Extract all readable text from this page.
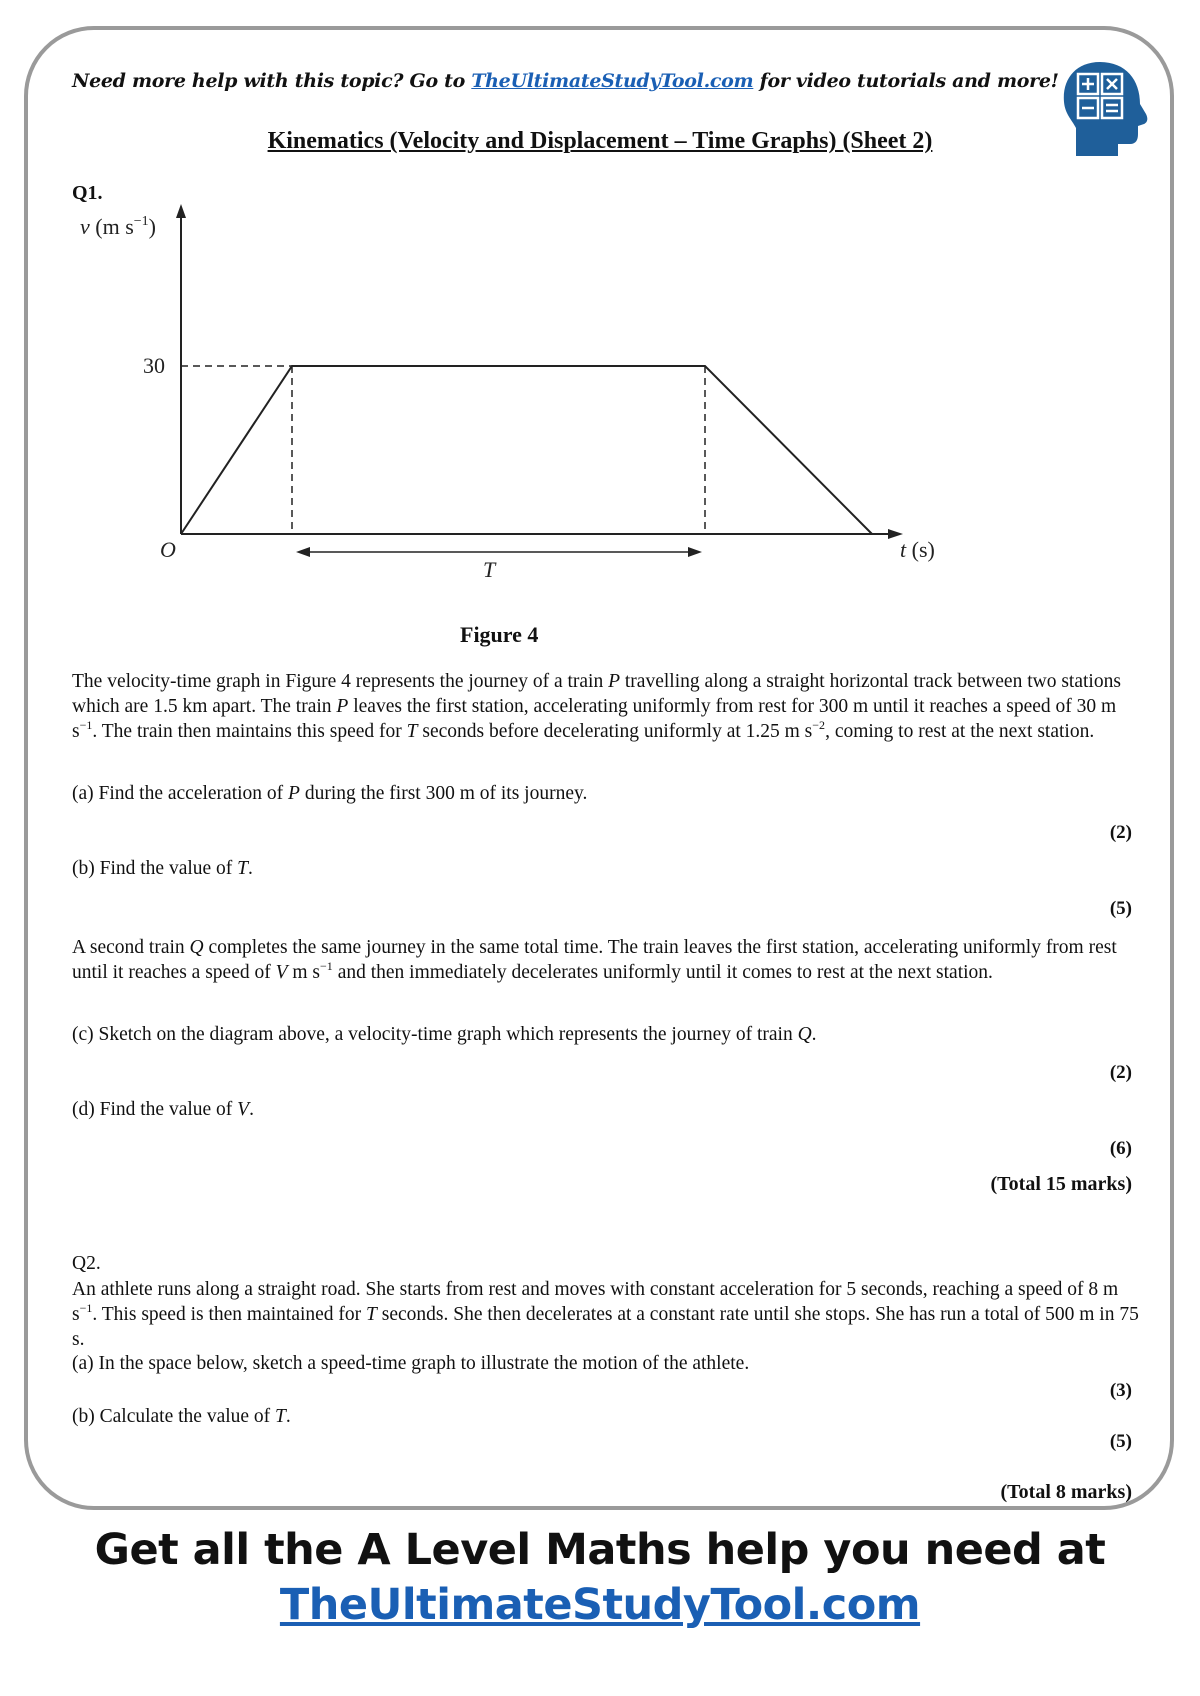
Need more help with this topic? Go to TheUltimateStudyTool.com for video tutorials and more!
Kinematics (Velocity and Displacement – Time Graphs) (Sheet 2)
Q1.
v (m $s^{-1}$)
30
O	t (s)
T
Figure 4

The velocity-time graph in Figure 4 represents the journey of a train P travelling along a straight horizontal track between two stations which are 1.5 km apart. The train P leaves the first station, accelerating uniformly from rest for 300 m until it reaches a speed of 30 m $s^{-1}$. The train then maintains this speed for T seconds before decelerating uniformly at 1.25 m $s^{-2}$, coming to rest at the next station.

(a) Find the acceleration of P during the first 300 m of its journey.
(2)
(b) Find the value of T.
(5)

A second train Q completes the same journey in the same total time. The train leaves the first station, accelerating uniformly from rest until it reaches a speed of V m $s^{-1}$ and then immediately decelerates uniformly until it comes to rest at the next station.

(c) Sketch on the diagram above, a velocity-time graph which represents the journey of train Q.
(2)
(d) Find the value of V.
(6)
(Total 15 marks)
Q2.

An athlete runs along a straight road. She starts from rest and moves with constant acceleration for 5 seconds, reaching a speed of 8 m $s^{-1}$. This speed is then maintained for T seconds. She then decelerates at a constant rate until she stops. She has run a total of 500 m in 75 s.

(a) In the space below, sketch a speed-time graph to illustrate the motion of the athlete.
(3)
(b) Calculate the value of T.
(5)
(Total 8 marks)
Get all the A Level Maths help you need at
TheUltimateStudyTool.com
